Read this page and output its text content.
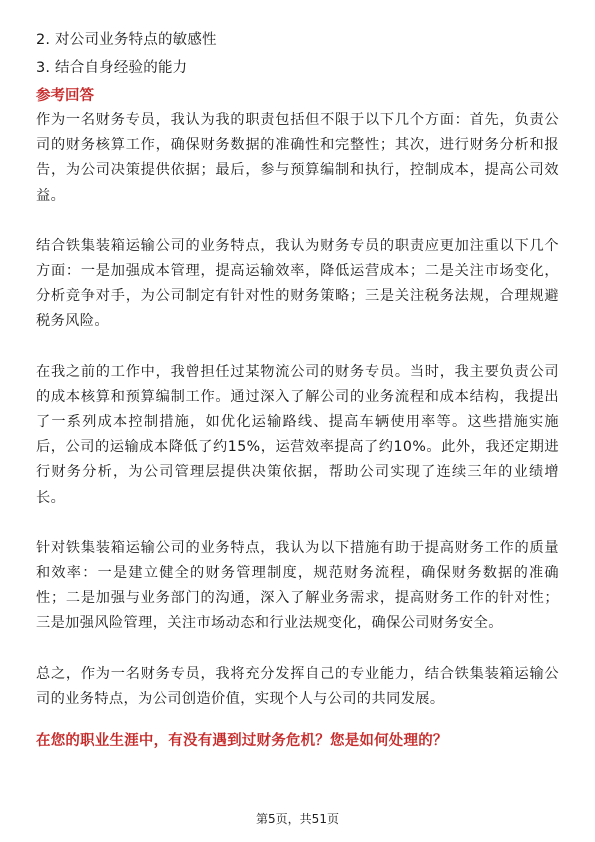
2. 对公司业务特点的敏感性
3. 结合自身经验的能力
参考回答

作为一名财务专员，我认为我的职责包括但不限于以下几个方面：首先，负责公司的财务核算工作，确保财务数据的准确性和完整性；其次，进行财务分析和报告，为公司决策提供依据；最后，参与预算编制和执行，控制成本，提高公司效益。

结合铁集装箱运输公司的业务特点，我认为财务专员的职责应更加注重以下几个方面：一是加强成本管理，提高运输效率，降低运营成本；二是关注市场变化，分析竞争对手，为公司制定有针对性的财务策略；三是关注税务法规，合理规避税务风险。

在我之前的工作中，我曾担任过某物流公司的财务专员。当时，我主要负责公司的成本核算和预算编制工作。通过深入了解公司的业务流程和成本结构，我提出了一系列成本控制措施，如优化运输路线、提高车辆使用率等。这些措施实施后，公司的运输成本降低了约15%，运营效率提高了约10%。此外，我还定期进行财务分析，为公司管理层提供决策依据，帮助公司实现了连续三年的业绩增长。

针对铁集装箱运输公司的业务特点，我认为以下措施有助于提高财务工作的质量和效率：一是建立健全的财务管理制度，规范财务流程，确保财务数据的准确性；二是加强与业务部门的沟通，深入了解业务需求，提高财务工作的针对性；三是加强风险管理，关注市场动态和行业法规变化，确保公司财务安全。

总之，作为一名财务专员，我将充分发挥自己的专业能力，结合铁集装箱运输公司的业务特点，为公司创造价值，实现个人与公司的共同发展。

在您的职业生涯中，有没有遇到过财务危机？您是如何处理的？
第5页，共51页
